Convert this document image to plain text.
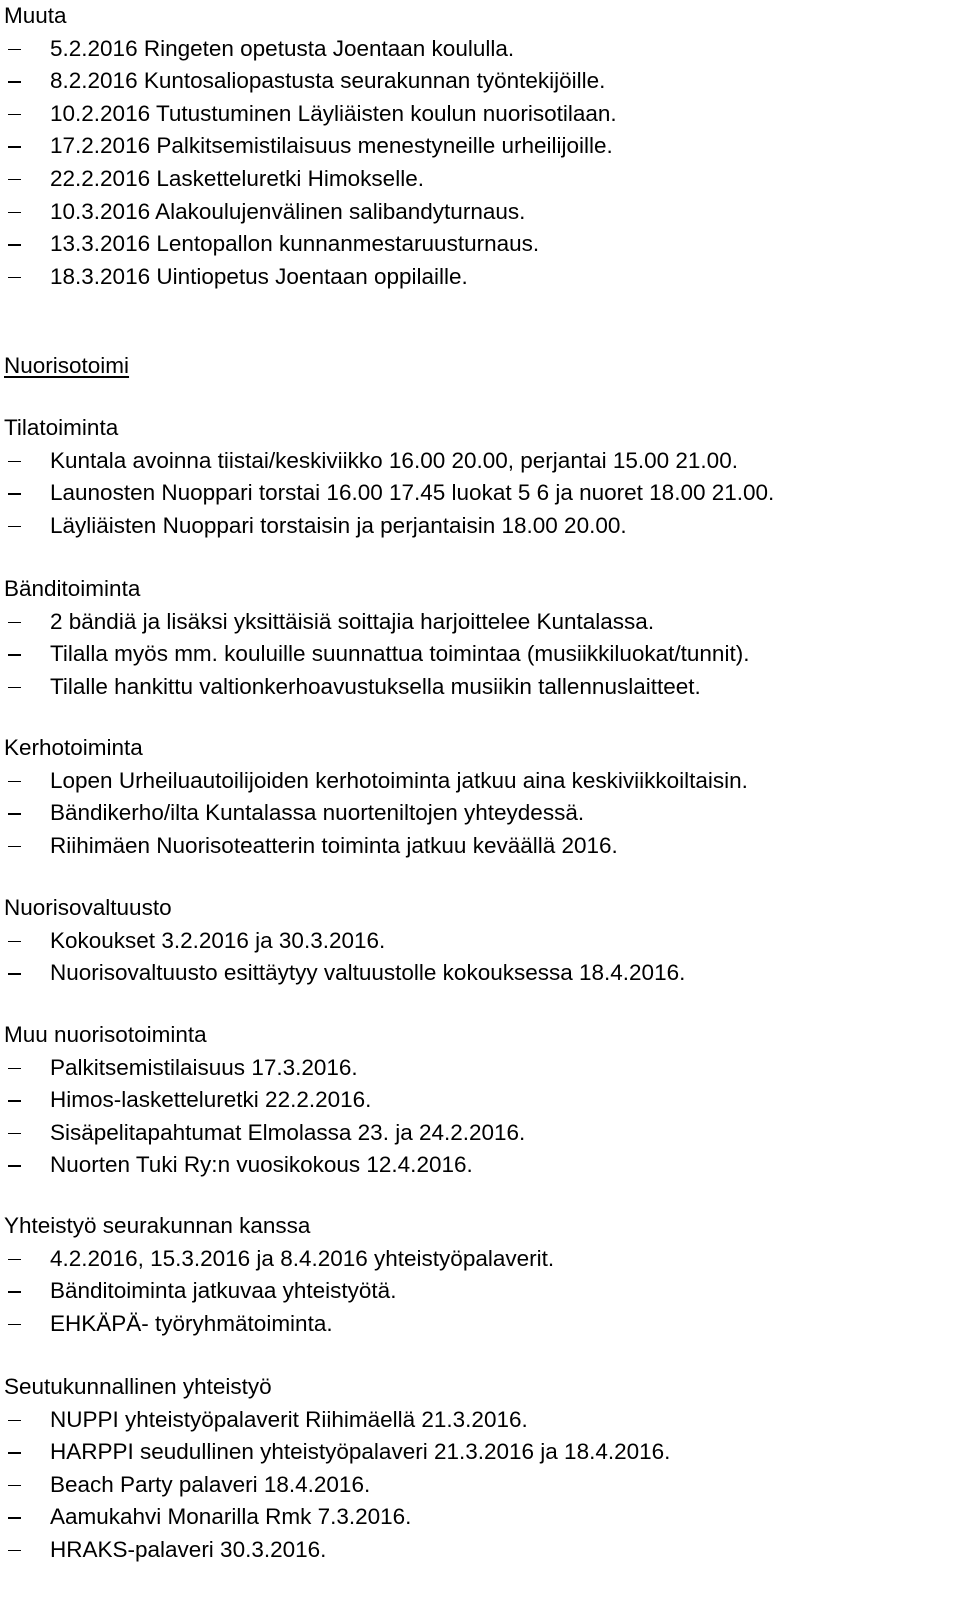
Muuta
5.2.2016 Ringeten opetusta Joentaan koululla.
8.2.2016 Kuntosaliopastusta seurakunnan työntekijöille.
10.2.2016 Tutustuminen Läyliäisten koulun nuorisotilaan.
17.2.2016 Palkitsemistilaisuus menestyneille urheilijoille.
22.2.2016 Lasketteluretki Himokselle.
10.3.2016 Alakoulujenvälinen salibandyturnaus.
13.3.2016 Lentopallon kunnanmestaruusturnaus.
18.3.2016 Uintiopetus Joentaan oppilaille.
Nuorisotoimi
Tilatoiminta
Kuntala avoinna tiistai/keskiviikko 16.00 20.00, perjantai 15.00 21.00.
Launosten Nuoppari torstai 16.00 17.45 luokat 5 6 ja nuoret 18.00 21.00.
Läyliäisten Nuoppari torstaisin ja perjantaisin 18.00 20.00.
Bänditoiminta
2 bändiä ja lisäksi yksittäisiä soittajia harjoittelee Kuntalassa.
Tilalla myös mm. kouluille suunnattua toimintaa (musiikkiluokat/tunnit).
Tilalle hankittu valtionkerhoavustuksella musiikin tallennuslaitteet.
Kerhotoiminta
Lopen Urheiluautoilijoiden kerhotoiminta jatkuu aina keskiviikkoiltaisin.
Bändikerho/ilta Kuntalassa nuorteniltojen yhteydessä.
Riihimäen Nuorisoteatterin toiminta jatkuu keväällä 2016.
Nuorisovaltuusto
Kokoukset 3.2.2016 ja 30.3.2016.
Nuorisovaltuusto esittäytyy valtuustolle kokouksessa 18.4.2016.
Muu nuorisotoiminta
Palkitsemistilaisuus 17.3.2016.
Himos-lasketteluretki 22.2.2016.
Sisäpelitapahtumat Elmolassa 23. ja 24.2.2016.
Nuorten Tuki Ry:n vuosikokous 12.4.2016.
Yhteistyö seurakunnan kanssa
4.2.2016, 15.3.2016 ja 8.4.2016 yhteistyöpalaverit.
Bänditoiminta jatkuvaa yhteistyötä.
EHKÄPÄ- työryhmätoiminta.
Seutukunnallinen yhteistyö
NUPPI yhteistyöpalaverit Riihimäellä 21.3.2016.
HARPPI seudullinen yhteistyöpalaveri 21.3.2016 ja 18.4.2016.
Beach Party palaveri 18.4.2016.
Aamukahvi Monarilla Rmk 7.3.2016.
HRAKS-palaveri 30.3.2016.
